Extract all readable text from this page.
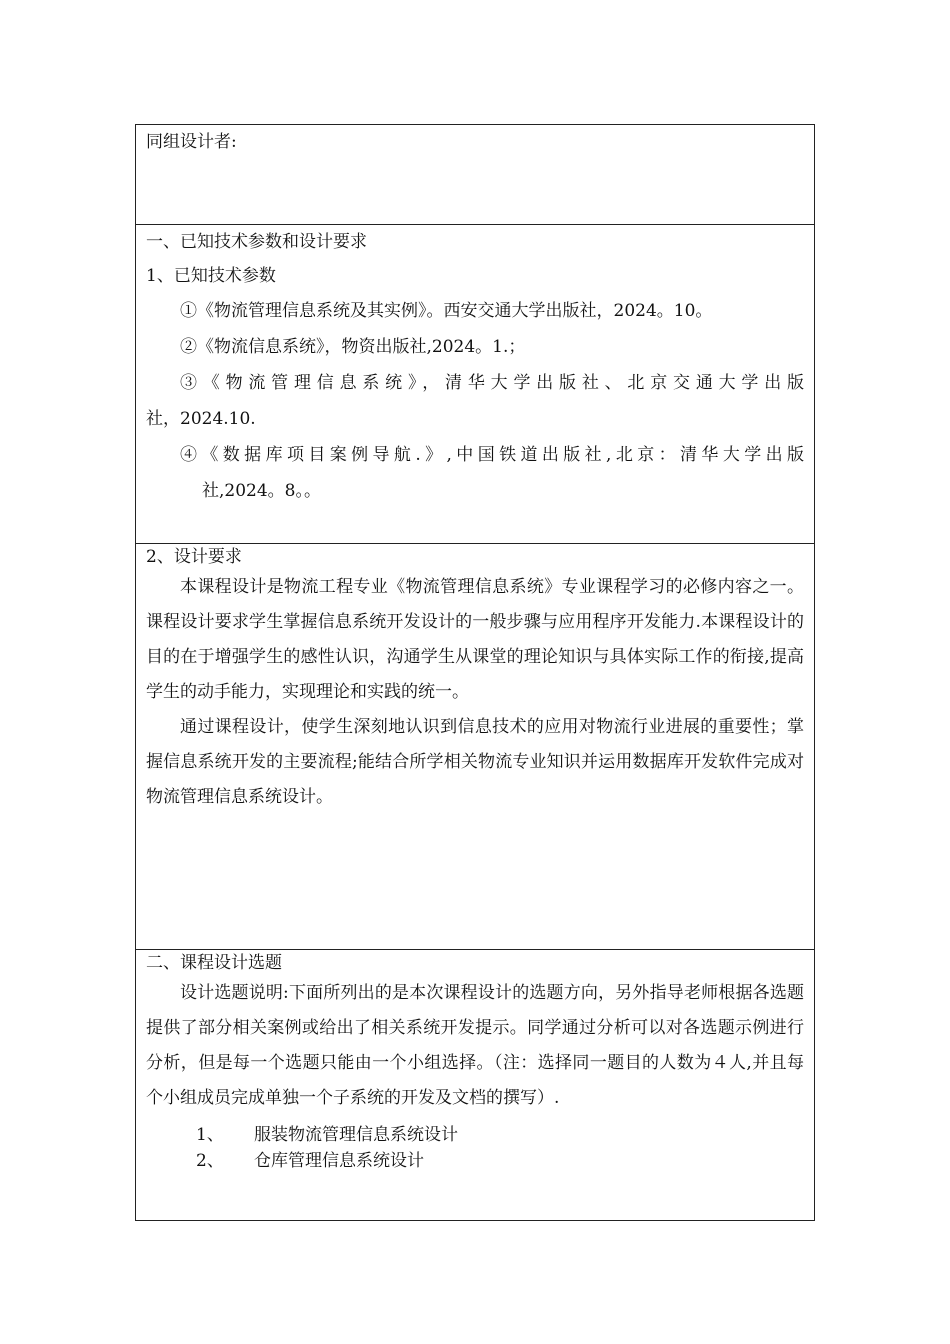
同组设计者:
一、已知技术参数和设计要求
1、已知技术参数
①《物流管理信息系统及其实例》。西安交通大学出版社，2024。10。
②《物流信息系统》，物资出版社,2024。1.；
③《物流管理信息系统》，清华大学出版社、北京交通大学出版
社，2024.10.
④《数据库项目案例导航.》,中国铁道出版社,北京：清华大学出版
社,2024。8。。
2、设计要求

本课程设计是物流工程专业《物流管理信息系统》专业课程学习的必修内容之一。课程设计要求学生掌握信息系统开发设计的一般步骤与应用程序开发能力.本课程设计的目的在于增强学生的感性认识，沟通学生从课堂的理论知识与具体实际工作的衔接,提高学生的动手能力，实现理论和实践的统一。

通过课程设计，使学生深刻地认识到信息技术的应用对物流行业进展的重要性；掌握信息系统开发的主要流程;能结合所学相关物流专业知识并运用数据库开发软件完成对物流管理信息系统设计。

二、课程设计选题

设计选题说明:下面所列出的是本次课程设计的选题方向，另外指导老师根据各选题提供了部分相关案例或给出了相关系统开发提示。同学通过分析可以对各选题示例进行分析，但是每一个选题只能由一个小组选择。（注：选择同一题目的人数为４人,并且每个小组成员完成单独一个子系统的开发及文档的撰写）.

1、 服装物流管理信息系统设计
2、 仓库管理信息系统设计
